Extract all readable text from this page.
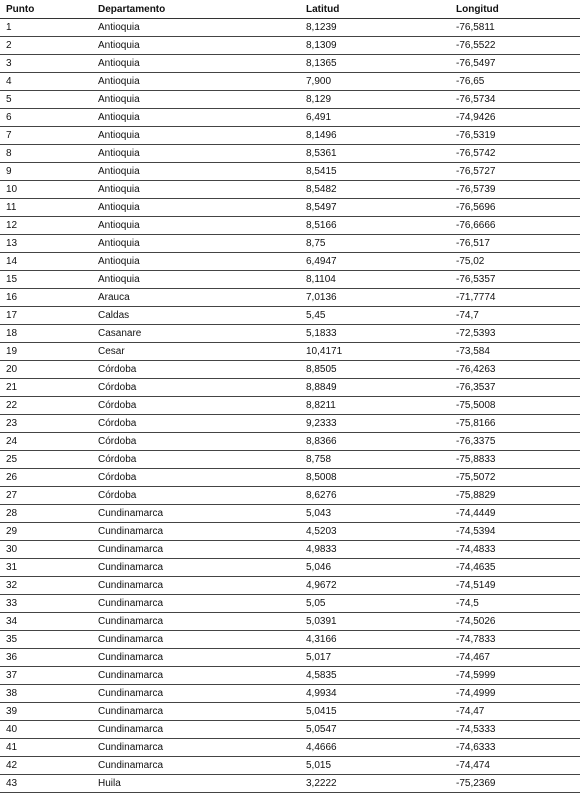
Punto	Departamento	Latitud	Longitud
1	Antioquia	8,1239	-76,5811
2	Antioquia	8,1309	-76,5522
3	Antioquia	8,1365	-76,5497
4	Antioquia	7,900	-76,65
5	Antioquia	8,129	-76,5734
6	Antioquia	6,491	-74,9426
7	Antioquia	8,1496	-76,5319
8	Antioquia	8,5361	-76,5742
9	Antioquia	8,5415	-76,5727
10	Antioquia	8,5482	-76,5739
11	Antioquia	8,5497	-76,5696
12	Antioquia	8,5166	-76,6666
13	Antioquia	8,75	-76,517
14	Antioquia	6,4947	-75,02
15	Antioquia	8,1104	-76,5357
16	Arauca	7,0136	-71,7774
17	Caldas	5,45	-74,7
18	Casanare	5,1833	-72,5393
19	Cesar	10,4171	-73,584
20	Córdoba	8,8505	-76,4263
21	Córdoba	8,8849	-76,3537
22	Córdoba	8,8211	-75,5008
23	Córdoba	9,2333	-75,8166
24	Córdoba	8,8366	-76,3375
25	Córdoba	8,758	-75,8833
26	Córdoba	8,5008	-75,5072
27	Córdoba	8,6276	-75,8829
28	Cundinamarca	5,043	-74,4449
29	Cundinamarca	4,5203	-74,5394
30	Cundinamarca	4,9833	-74,4833
31	Cundinamarca	5,046	-74,4635
32	Cundinamarca	4,9672	-74,5149
33	Cundinamarca	5,05	-74,5
34	Cundinamarca	5,0391	-74,5026
35	Cundinamarca	4,3166	-74,7833
36	Cundinamarca	5,017	-74,467
37	Cundinamarca	4,5835	-74,5999
38	Cundinamarca	4,9934	-74,4999
39	Cundinamarca	5,0415	-74,47
40	Cundinamarca	5,0547	-74,5333
41	Cundinamarca	4,4666	-74,6333
42	Cundinamarca	5,015	-74,474
43	Huila	3,2222	-75,2369
